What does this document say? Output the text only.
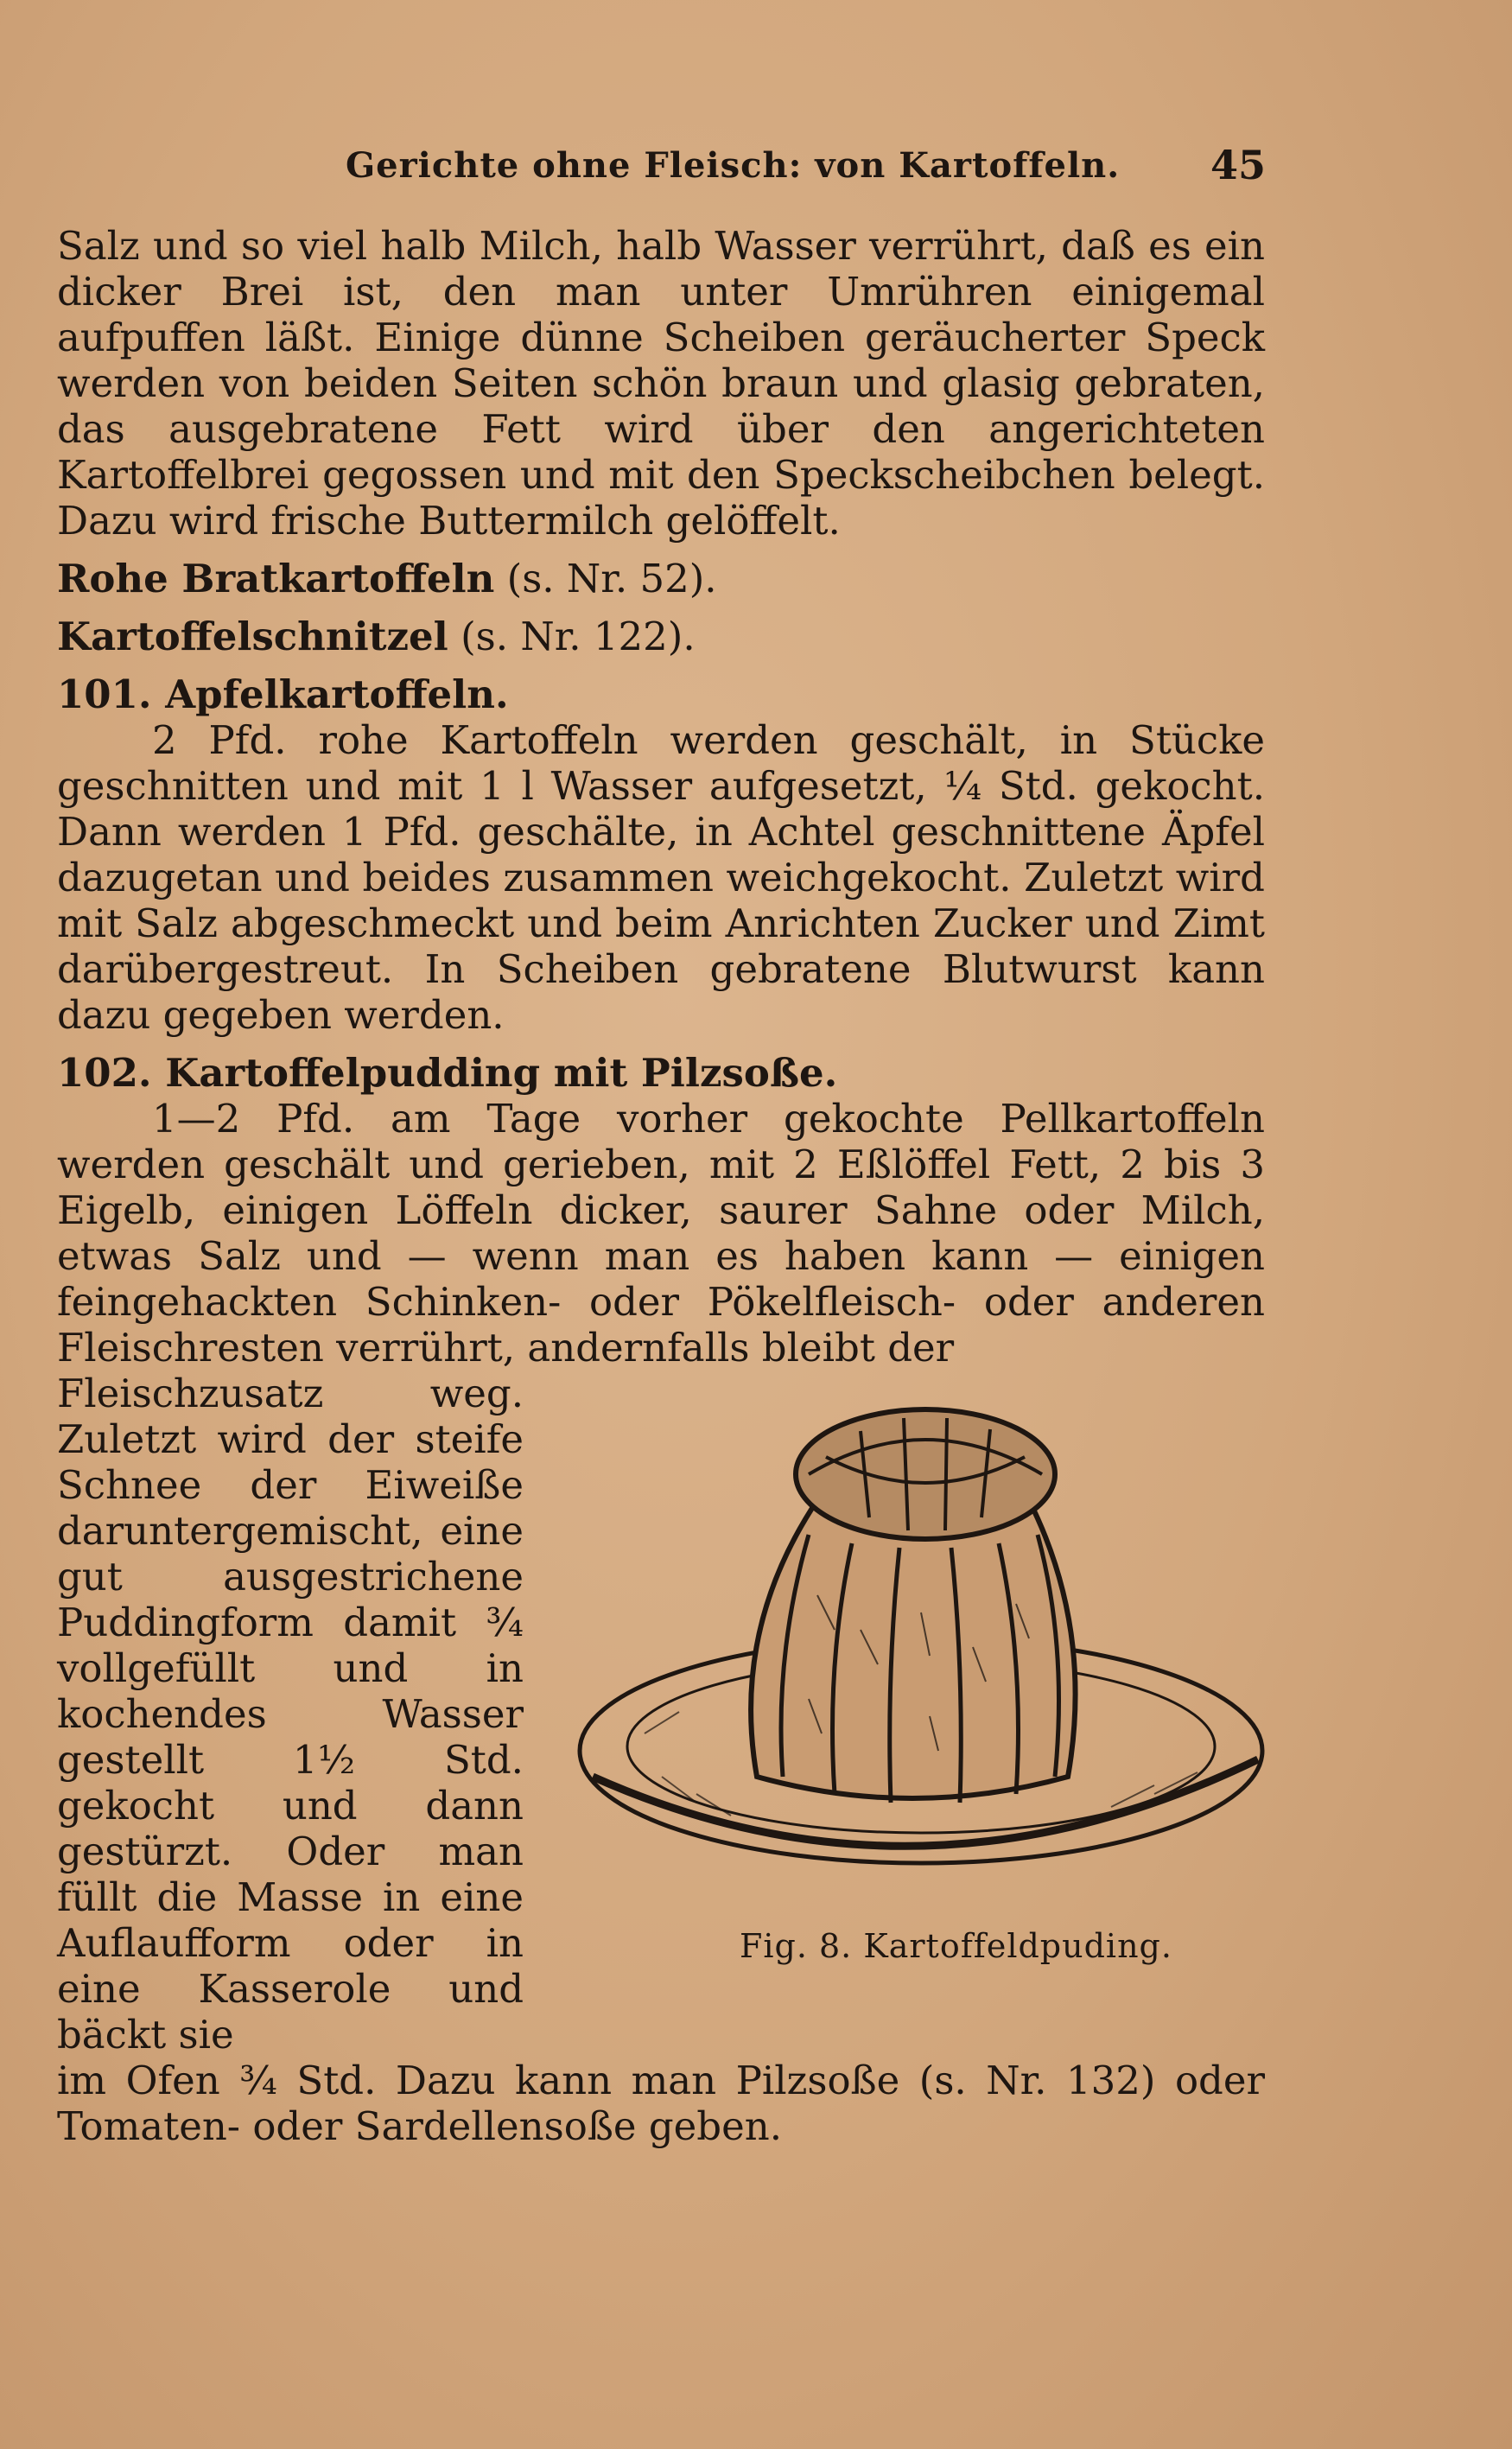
Gerichte ohne Fleisch: von Kartoffeln. 45

Salz und so viel halb Milch, halb Wasser verrührt, daß es ein dicker Brei ist, den man unter Umrühren einigemal aufpuffen läßt. Einige dünne Scheiben geräucherter Speck werden von beiden Seiten schön braun und glasig gebraten, das ausgebratene Fett wird über den angerichteten Kartoffelbrei gegossen und mit den Speckscheibchen belegt. Dazu wird frische Buttermilch gelöffelt.

Rohe Bratkartoffeln (s. Nr. 52).

Kartoffelschnitzel (s. Nr. 122).

101. Apfelkartoffeln.

2 Pfd. rohe Kartoffeln werden geschält, in Stücke geschnitten und mit 1 l Wasser aufgesetzt, ¼ Std. gekocht. Dann werden 1 Pfd. geschälte, in Achtel geschnittene Äpfel dazugetan und beides zusammen weichgekocht. Zuletzt wird mit Salz abgeschmeckt und beim Anrichten Zucker und Zimt darübergestreut. In Scheiben gebratene Blutwurst kann dazu gegeben werden.

102. Kartoffelpudding mit Pilzsoße.

1—2 Pfd. am Tage vorher gekochte Pellkartoffeln werden geschält und gerieben, mit 2 Eßlöffel Fett, 2 bis 3 Eigelb, einigen Löffeln dicker, saurer Sahne oder Milch, etwas Salz und — wenn man es haben kann — einigen feingehackten Schinken- oder Pökelfleisch- oder anderen Fleischresten verrührt, andernfalls bleibt der

Fleischzusatz weg. Zuletzt wird der steife Schnee der Eiweiße daruntergemischt, eine gut ausgestrichene Puddingform damit ¾ vollgefüllt und in kochendes Wasser gestellt 1½ Std. gekocht und dann gestürzt. Oder man füllt die Masse in eine Auflaufform oder in eine Kasserole und bäckt sie

Fig. 8. Kartoffeldpuding.

im Ofen ¾ Std. Dazu kann man Pilzsoße (s. Nr. 132) oder Tomaten- oder Sardellensoße geben.
